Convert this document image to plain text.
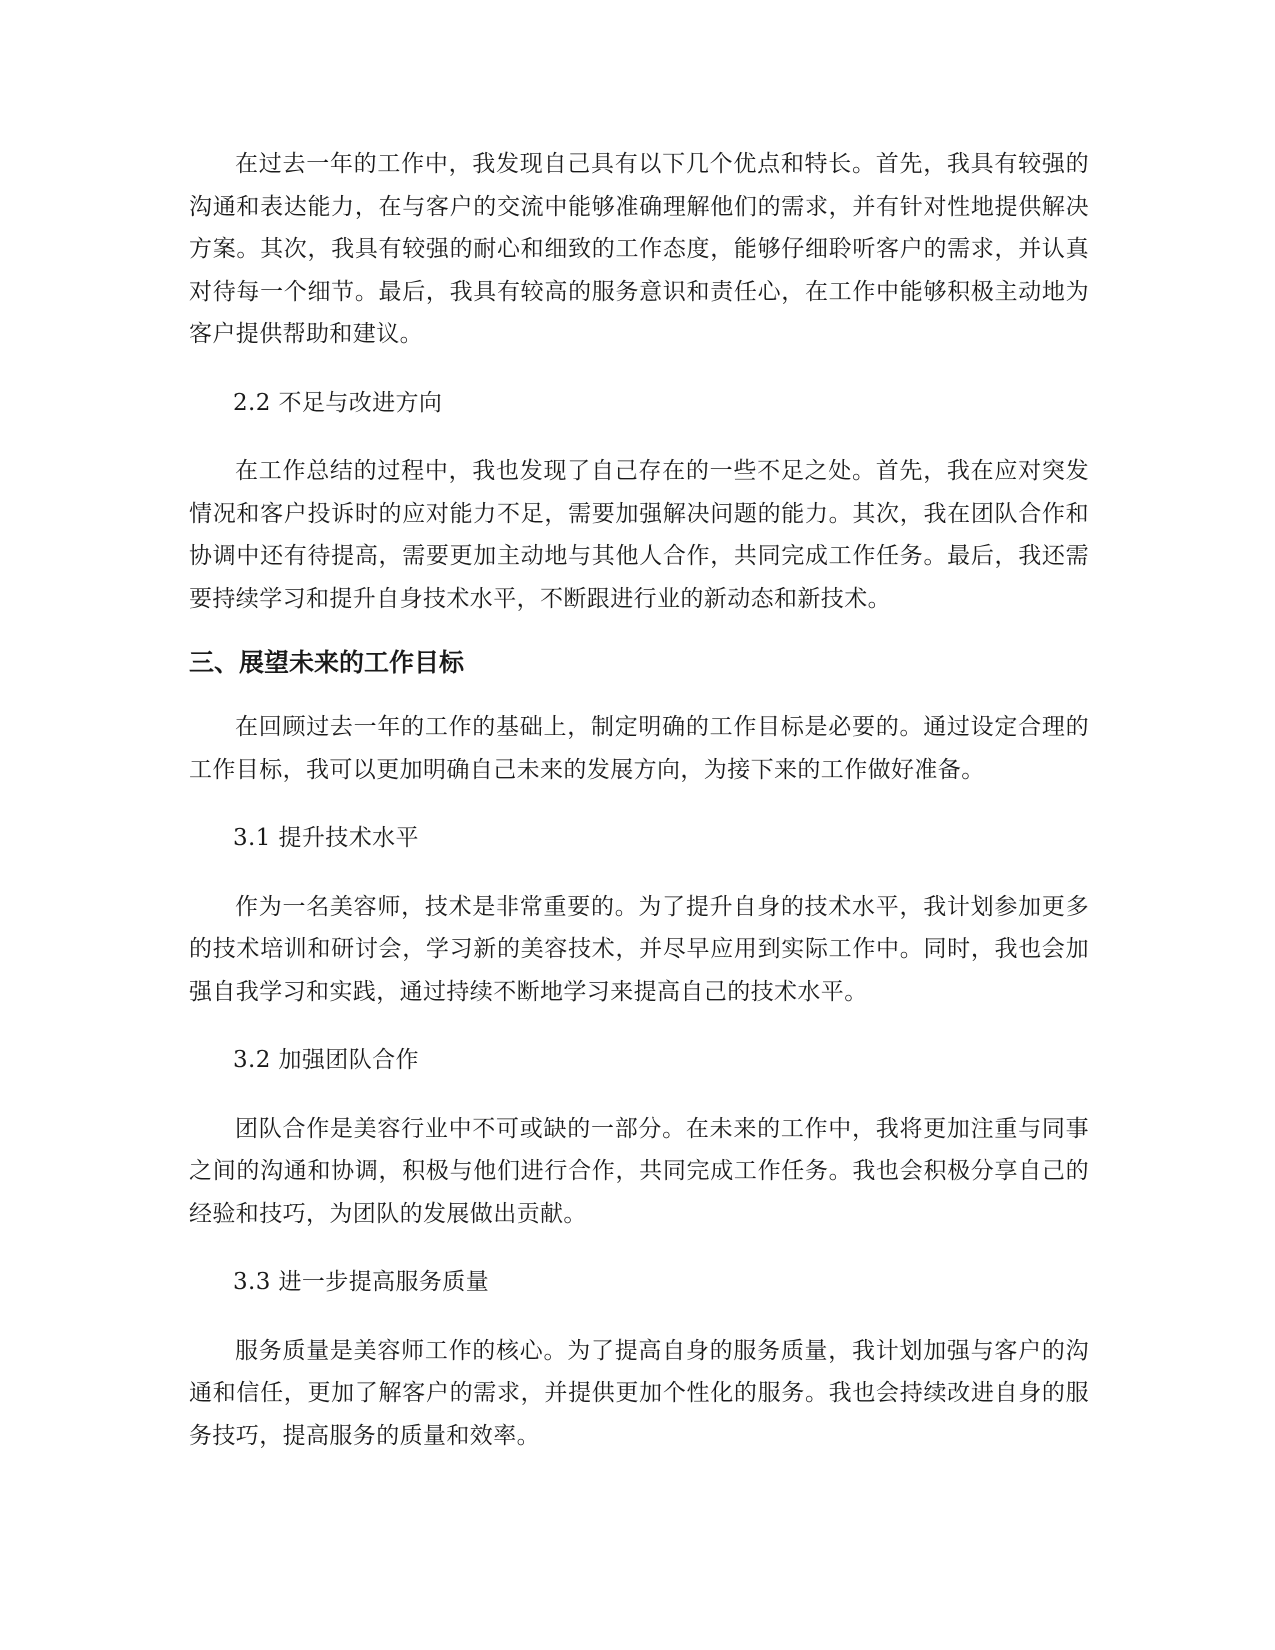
在过去一年的工作中，我发现自己具有以下几个优点和特长。首先，我具有较强的沟通和表达能力，在与客户的交流中能够准确理解他们的需求，并有针对性地提供解决方案。其次，我具有较强的耐心和细致的工作态度，能够仔细聆听客户的需求，并认真对待每一个细节。最后，我具有较高的服务意识和责任心，在工作中能够积极主动地为客户提供帮助和建议。

2.2 不足与改进方向

在工作总结的过程中，我也发现了自己存在的一些不足之处。首先，我在应对突发情况和客户投诉时的应对能力不足，需要加强解决问题的能力。其次，我在团队合作和协调中还有待提高，需要更加主动地与其他人合作，共同完成工作任务。最后，我还需要持续学习和提升自身技术水平，不断跟进行业的新动态和新技术。

三、展望未来的工作目标

在回顾过去一年的工作的基础上，制定明确的工作目标是必要的。通过设定合理的工作目标，我可以更加明确自己未来的发展方向，为接下来的工作做好准备。

3.1 提升技术水平

作为一名美容师，技术是非常重要的。为了提升自身的技术水平，我计划参加更多的技术培训和研讨会，学习新的美容技术，并尽早应用到实际工作中。同时，我也会加强自我学习和实践，通过持续不断地学习来提高自己的技术水平。

3.2 加强团队合作

团队合作是美容行业中不可或缺的一部分。在未来的工作中，我将更加注重与同事之间的沟通和协调，积极与他们进行合作，共同完成工作任务。我也会积极分享自己的经验和技巧，为团队的发展做出贡献。

3.3 进一步提高服务质量

服务质量是美容师工作的核心。为了提高自身的服务质量，我计划加强与客户的沟通和信任，更加了解客户的需求，并提供更加个性化的服务。我也会持续改进自身的服务技巧，提高服务的质量和效率。
